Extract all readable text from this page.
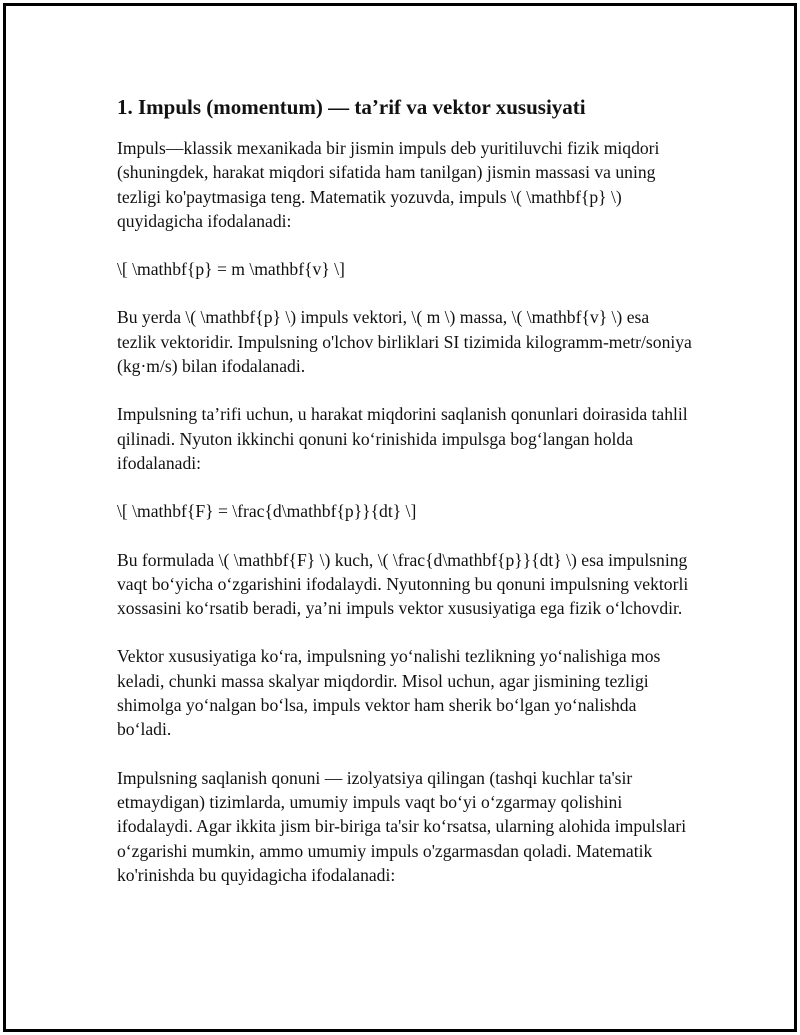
1. Impuls (momentum) — ta’rif va vektor xususiyati

Impuls—klassik mexanikada bir jismin impuls deb yuritiluvchi fizik miqdori (shuningdek, harakat miqdori sifatida ham tanilgan) jismin massasi va uning tezligi ko'paytmasiga teng. Matematik yozuvda, impuls \( \mathbf{p} \) quyidagicha ifodalanadi:

\[ \mathbf{p} = m \mathbf{v} \]

Bu yerda \( \mathbf{p} \) impuls vektori, \( m \) massa, \( \mathbf{v} \) esa tezlik vektoridir. Impulsning o'lchov birliklari SI tizimida kilogramm-metr/soniya (kg·m/s) bilan ifodalanadi.

Impulsning ta’rifi uchun, u harakat miqdorini saqlanish qonunlari doirasida tahlil qilinadi. Nyuton ikkinchi qonuni ko‘rinishida impulsga bog‘langan holda ifodalanadi:

\[ \mathbf{F} = \frac{d\mathbf{p}}{dt} \]

Bu formulada \( \mathbf{F} \) kuch, \( \frac{d\mathbf{p}}{dt} \) esa impulsning vaqt bo‘yicha o‘zgarishini ifodalaydi. Nyutonning bu qonuni impulsning vektorli xossasini ko‘rsatib beradi, ya’ni impuls vektor xususiyatiga ega fizik o‘lchovdir.

Vektor xususiyatiga ko‘ra, impulsning yo‘nalishi tezlikning yo‘nalishiga mos keladi, chunki massa skalyar miqdordir. Misol uchun, agar jismining tezligi shimolga yo‘nalgan bo‘lsa, impuls vektor ham sherik bo‘lgan yo‘nalishda bo‘ladi.

Impulsning saqlanish qonuni — izolyatsiya qilingan (tashqi kuchlar ta'sir etmaydigan) tizimlarda, umumiy impuls vaqt bo‘yi o‘zgarmay qolishini ifodalaydi. Agar ikkita jism bir-biriga ta'sir ko‘rsatsa, ularning alohida impulslari o‘zgarishi mumkin, ammo umumiy impuls o'zgarmasdan qoladi. Matematik ko'rinishda bu quyidagicha ifodalanadi:
